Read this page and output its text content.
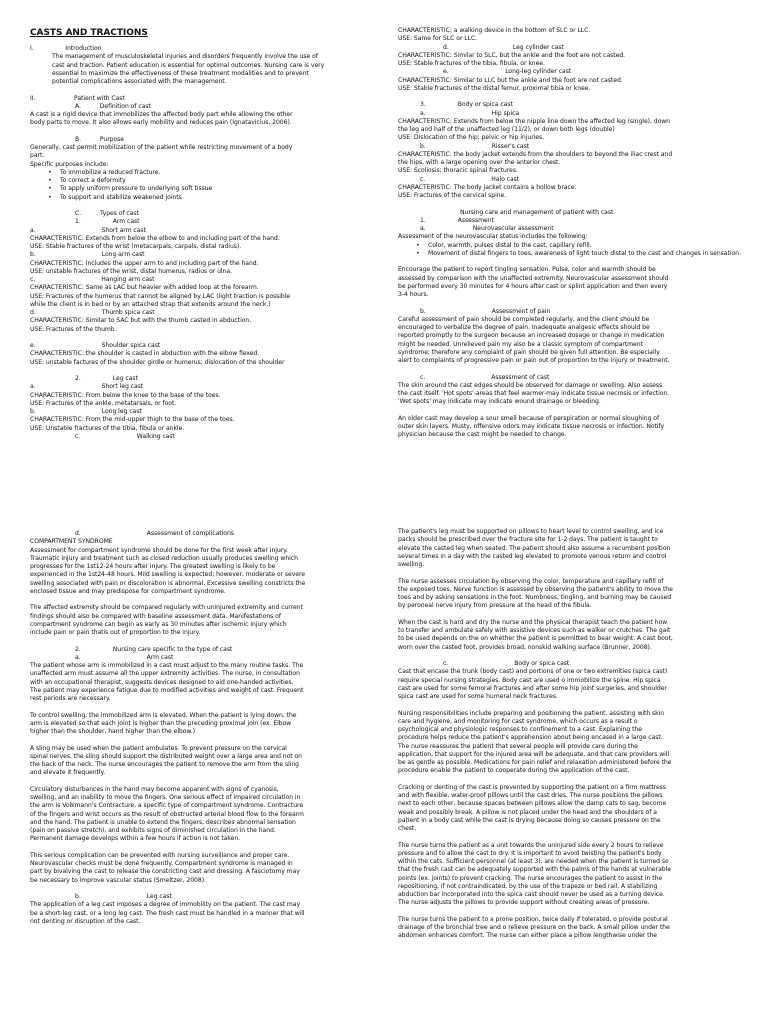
CASTS AND TRACTIONS
I.	Introduction
The management of musculoskeletal injuries and disorders frequently involve the use of
cast and traction. Patient education is essential for optimal outcomes. Nursing care is very
essential to maximize the effectiveness of these treatment modalities and to prevent
potential complications associated with the management.
II.	Patient with Cast
A.          Definition of cast
A cast is a rigid device that immobilizes the affected body part while allowing the other
body parts to move. It also allows early mobility and reduces pain (Ignatavicius, 2006).
B.          Purpose
Generally, cast permit mobilization of the patient while restricting movement of a body
part.
Specific purposes include:
• To immobilize a reduced fracture.
• To correct a deformity
• To apply uniform pressure to underlying soft tissue
• To support and stabilize weakened joints
C.          Types of cast
1.                 Arm cast
a.                                   Short arm cast
CHARACTERISTIC: Extends from below the elbow to and including part of the hand.
USE: Stable fractures of the wrist (metacarpals, carpals, distal radius).
b.                                   Long arm cast
CHARACTERISTIC: Includes the upper arm to and including part of the hand.
USE: unstable fractures of the wrist, distal humerus, radius or ulna.
c.                                   Hanging arm cast
CHARACTERISTIC: Same as LAC but heavier with added loop at the forearm.
USE: Fractures of the humerus that cannot be aligned by LAC (light traction is possible
while the client is in bed or by an attached strap that extends around the neck.)
d.                                   Thumb spica cast
CHARACTERISTIC: Similar to SAC but with the thumb casted in abduction.
USE: Fractures of the thumb.
e.                                   Shoulder spica cast
CHARACTERISTIC: the shoulder is casted in abduction with the elbow flexed.
USE: unstable factures of the shoulder girdle or humerus; dislocation of the shoulder
2.                 Leg cast
a.                                   Short leg cast
CHARACTERISTIC: From below the knee to the base of the toes.
USE: Fractures of the ankle, metatarsals, or foot.
b.                                   Long leg cast
CHARACTERISTIC: From the mid-upper thigh to the base of the toes.
USE: Unstable fractures of the tibia, fibula or ankle.
c.                              Walking cast
CHARACTERISTIC: a walking device in the bottom of SLC or LLC.
USE: Same for SLC or LLC.
d.                                  Leg cylinder cast
CHARACTERISTIC: Similar to SLC, but the ankle and the foot are not casted.
USE: Stable fractures of the tibia, fibula, or knee.
e.                              Long-leg cylinder cast
CHARACTERISTIC: Similar to LLC but the ankle and the foot are not casted.
USE: Stable fractures of the distal femur, proximal tibia or knee.
3.                 Body or spica cast
a.                                   Hip spica
CHARACTERISTIC: Extends from below the nipple line down the affected leg (single), down
the leg and half of the unaffected leg (11/2), or down both legs (double)
USE: Dislocation of the hip; pelvic or hip injuries.
b.                                   Risser's cast
CHARACTERISTIC: the body jacket extends from the shoulders to beyond the iliac crest and
the hips, with a large opening over the anterior chest.
USE: Scoliosis; thoracic spinal fractures.
c.                                   Halo cast
CHARACTERISTIC: The body jacket contains a hollow brace.
USE: Fractures of the cervical spine.
Nursing care and management of patient with cast
1.                 Assessment
a.                         Neurovascular assessment
Assessment of the neurovascular status includes the following:
• Color, warmth, pulses distal to the cast, capillary refill.
• Movement of distal fingers to toes, awareness of light touch distal to the cast and changes in sensation.
Encourage the patient to report tingling sensation. Pulse, color and warmth should be
assessed by comparison with the unaffected extremity. Neurovascular assessment should
be performed every 30 minutes for 4 hours after cast or splint application and then every
3-4 hours.
b.                                   Assessment of pain
Careful assessment of pain should be completed regularly, and the client should be
encouraged to verbalize the degree of pain. Inadequate analgesic effects should be
reported promptly to the surgeon because an increased dosage or change in medication
might be needed. Unrelieved pain my also be a classic symptom of compartment
syndrome; therefore any complaint of pain should be given full attention. Be especially
alert to complaints of progressive pain or pain out of proportion to the injury or treatment.
c.                                   Assessment of cast
The skin around the cast edges should be observed for damage or swelling. Also assess
the cast itself. 'Hot spots'-areas that feel warmer-may indicate tissue necrosis or infection.
'Wet spots' may indicate may indicate wound drainage or bleeding.
An older cast may develop a sour smell because of perspiration or normal sloughing of
outer skin layers. Musty, offensive odors may indicate tissue necrosis or infection. Notify
physician because the cast might be needed to change.
d.                                   Assessment of complications
COMPARTMENT SYNDROME
Assessment for compartment syndrome should be done for the first week after injury.
Traumatic injury and treatment such as closed reduction usually produces swelling which
progresses for the 1st12-24 hours after injury. The greatest swelling is likely to be
experienced in the 1st24-48 hours. Mild swelling is expected; however, moderate or severe
swelling associated with pain or discoloration is abnormal. Excessive swelling constricts the
enclosed tissue and may predispose for compartment syndrome.
The affected extremity should be compared regularly with uninjured extremity and current
findings should also be compared with baseline assessment data. Manifestations of
compartment syndrome can begin as early as 30 minutes after ischemic injury which
include pain or pain thatis out of proportion to the injury.
2.                 Nursing care specific to the type of cast
a.                                   Arm cast
The patient whose arm is immobilized in a cast must adjust to the many routine tasks. The
unaffected arm must assume all the upper extremity activities. The nurse, in consultation
with an occupational therapist, suggests devices designed to aid one-handed activities.
The patient may experience fatigue due to modified activities and weight of cast. Frequent
rest periods are necessary.
To control swelling, the immobilized arm is elevated. When the patient is lying down, the
arm is elevated so that each joint is higher than the preceding proximal join (ex. Elbow
higher than the shoulder, hand higher than the elbow.)
A sling may be used when the patient ambulates. To prevent pressure on the cervical
spinal nerves, the sling should support the distributed weight over a large area and not on
the back of the neck. The nurse encourages the patient to remove the arm from the sling
and elevate it frequently.
Circulatory disturbances in the hand may become apparent with signs of cyanosis,
swelling, and an inability to move the fingers. One serious effect of impaired circulation in
the arm is Volkmann's Contracture, a specific type of compartment syndrome. Contracture
of the fingers and wrist occurs as the result of obstructed arterial blood flow to the forearm
and the hand. The patient is unable to extend the fingers, describes abnormal sensation
(pain on passive stretch), and exhibits signs of diminished circulation in the hand.
Permanent damage develops within a few hours if action is not taken.
This serious complication can be prevented with nursing surveillance and proper care.
Neurovascular checks must be done frequently. Compartment syndrome is managed in
part by bivalving the cast to release the constricting cast and dressing. A fasciotomy may
be necessary to improve vascular status (Smeltzer, 2008).
b.                                   Leg cast
The application of a leg cast imposes a degree of immobility on the patient. The cast may
be a short-leg cast, or a long leg cast. The fresh cast must be handled in a manner that will
not denting or disruption of the cast.
The patient's leg must be supported on pillows to heart level to control swelling, and ice
packs should be prescribed over the fracture site for 1-2 days. The patient is taught to
elevate the casted leg when seated. The patient should also assume a recumbent position
several times in a day with the casted leg elevated to promote venous return and control
swelling.
The nurse assesses circulation by observing the color, temperature and capillary refill of
the exposed toes. Nerve function is assessed by observing the patient's ability to move the
toes and by asking sensations in the foot. Numbness, tingling, and burning may be caused
by peroneal nerve injury from pressure at the head of the fibula.
When the cast is hard and dry the nurse and the physical therapist teach the patient how
to transfer and ambulate safely with assistive devices such as walker or crutches. The gait
to be used depends on the on whether the patient is permitted to bear weight. A cast boot,
worn over the casted foot, provides broad, nonskid walking surface (Brunner, 2008).
c.                                   Body or spica cast
Cast that encase the trunk (body cast) and portions of one or two extremities (spica cast)
require special nursing strategies. Body cast are used o immobilize the spine. Hip spica
cast are used for some femoral fractures and after some hip joint surgeries, and shoulder
spica cast are used for some humeral neck fractures.
Nursing responsibilities include preparing and positioning the patient, assisting with skin
care and hygiene, and monitoring for cast syndrome, which occurs as a result o
psychological and physiologic responses to confinement to a cast. Explaining the
procedure helps reduce the patient's apprehension about being encased in a large cast.
The nurse reassures the patient that several people will provide care during the
application, that support for the injured area will be adequate, and that care providers will
be as gentle as possible. Medications for pain relief and relaxation administered before the
procedure enable the patient to cooperate during the application of the cast.
Cracking or denting of the cast is prevented by supporting the patient on a firm mattress
and with flexible, water-proof pillows until the cast dries. The nurse positions the pillows
next to each other, because spaces between pillows allow the damp cats to sag, become
weak and possibly break. A pillow is not placed under the head and the shoulders of a
patient in a body cast while the cast is drying because doing so causes pressure on the
chest.
The nurse turns the patient as a unit towards the uninjured side every 2 hours to relieve
pressure and to allow the cast to dry. It is important to avoid twisting the patient's body
within the cats. Sufficient personnel (at least 3), are needed when the patient is turned so
that the fresh cast can be adequately supported with the palms of the hands at vulnerable
points (ex. joints) to prevent cracking. The nurse encourages the patient to assist in the
repositioning, if not contraindicated, by the use of the trapeze or bed rail. A stabilizing
abduction bar incorporated into the spica cast should never be used as a turning device.
The nurse adjusts the pillows to provide support without creating areas of pressure.
The nurse turns the patient to a prone position, twice daily if tolerated, o provide postural
drainage of the bronchial tree and o relieve pressure on the back. A small pillow under the
abdomen enhances comfort. The nurse can either place a pillow lengthwise under the
